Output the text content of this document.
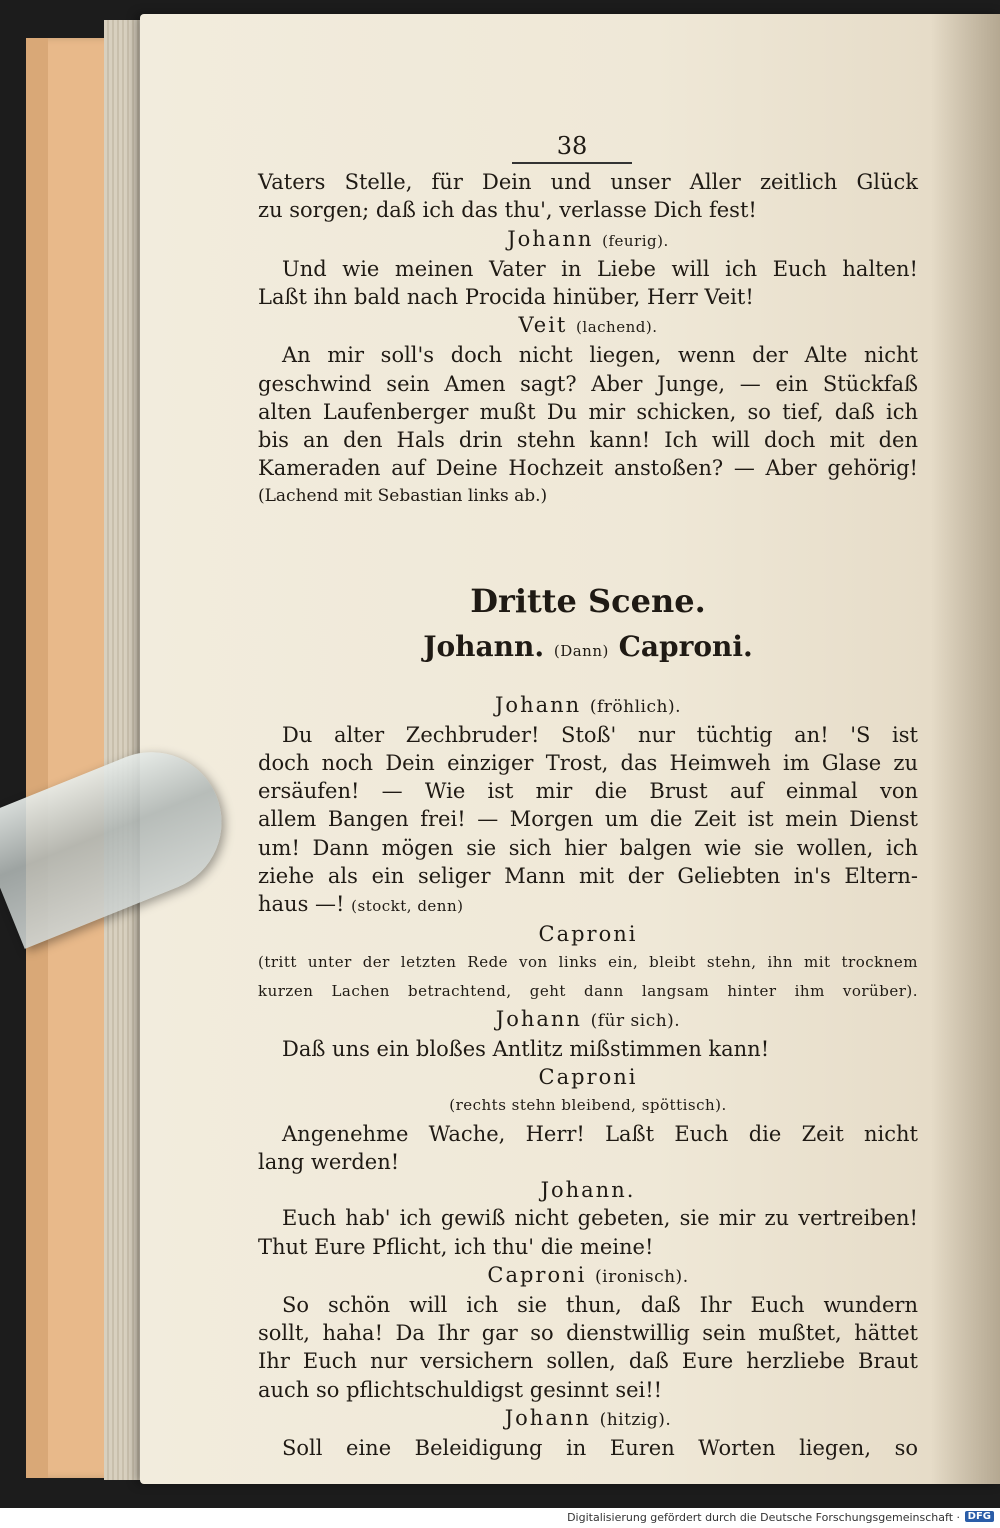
38
Vaters Stelle, für Dein und unser Aller zeitlich Glück
zu sorgen; daß ich das thu', verlasse Dich fest!
Johann (feurig).
Und wie meinen Vater in Liebe will ich Euch halten!
Laßt ihn bald nach Procida hinüber, Herr Veit!
Veit (lachend).
An mir soll's doch nicht liegen, wenn der Alte nicht
geschwind sein Amen sagt? Aber Junge, — ein Stückfaß
alten Laufenberger mußt Du mir schicken, so tief, daß ich
bis an den Hals drin stehn kann! Ich will doch mit den
Kameraden auf Deine Hochzeit anstoßen? — Aber gehörig!
(Lachend mit Sebastian links ab.)
Dritte Scene.
Johann. (Dann) Caproni.
Johann (fröhlich).
Du alter Zechbruder! Stoß' nur tüchtig an! 'S ist
doch noch Dein einziger Trost, das Heimweh im Glase zu
ersäufen! — Wie ist mir die Brust auf einmal von
allem Bangen frei! — Morgen um die Zeit ist mein Dienst
um! Dann mögen sie sich hier balgen wie sie wollen, ich
ziehe als ein seliger Mann mit der Geliebten in's Eltern-
haus —! (stockt, denn)
Caproni
(tritt unter der letzten Rede von links ein, bleibt stehn, ihn mit trocknem
kurzen Lachen betrachtend, geht dann langsam hinter ihm vorüber).
Johann (für sich).
Daß uns ein bloßes Antlitz mißstimmen kann!
Caproni
(rechts stehn bleibend, spöttisch).
Angenehme Wache, Herr! Laßt Euch die Zeit nicht
lang werden!
Johann.
Euch hab' ich gewiß nicht gebeten, sie mir zu vertreiben!
Thut Eure Pflicht, ich thu' die meine!
Caproni (ironisch).
So schön will ich sie thun, daß Ihr Euch wundern
sollt, haha! Da Ihr gar so dienstwillig sein mußtet, hättet
Ihr Euch nur versichern sollen, daß Eure herzliebe Braut
auch so pflichtschuldigst gesinnt sei!!
Johann (hitzig).
Soll eine Beleidigung in Euren Worten liegen, so
Digitalisierung gefördert durch die Deutsche Forschungsgemeinschaft · DFG
